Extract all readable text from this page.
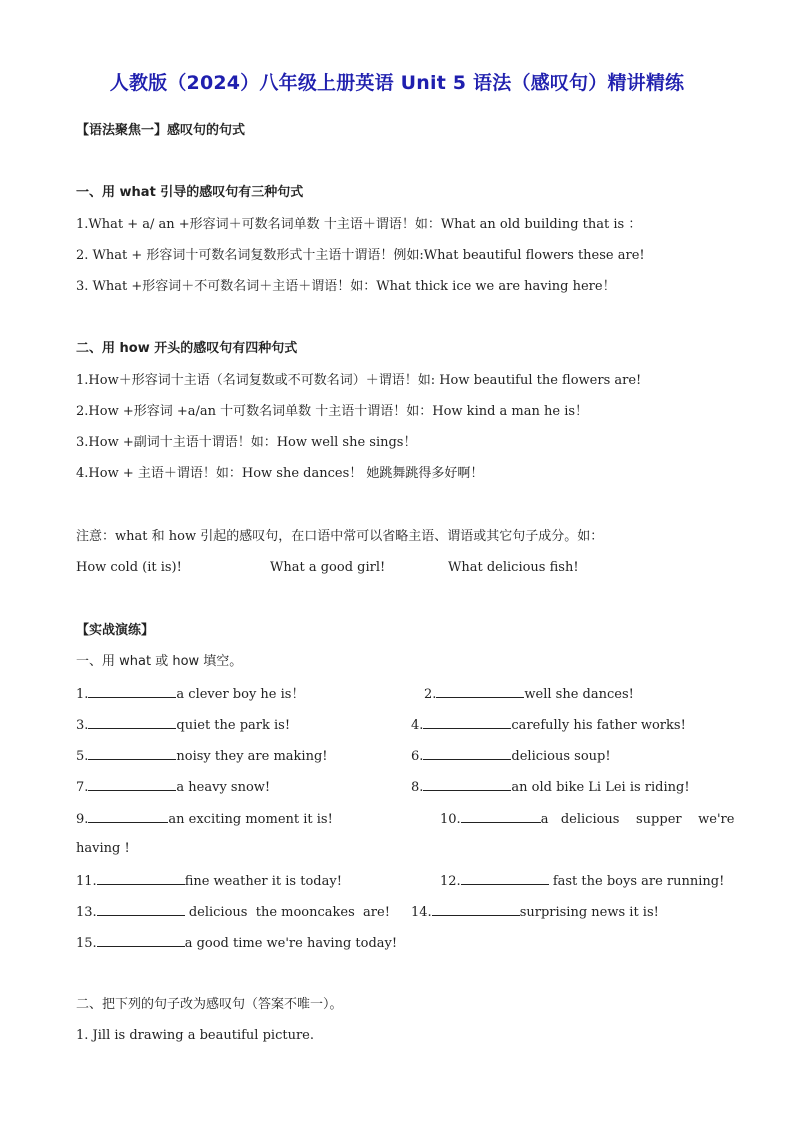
人教版（2024）八年级上册英语 Unit 5 语法（感叹句）精讲精练
【语法聚焦一】感叹句的句式
一、用 what 引导的感叹句有三种句式
1.What + a/ an +形容词＋可数名词单数 十主语＋谓语！如：What an old building that is ：
2. What + 形容词十可数名词复数形式十主语十谓语！例如:What beautiful flowers these are!
3. What +形容词＋不可数名词＋主语＋谓语！如：What thick ice we are having here！
二、用 how 开头的感叹句有四种句式
1.How＋形容词十主语（名词复数或不可数名词）＋谓语！如: How beautiful the flowers are!
2.How +形容词 +a/an 十可数名词单数 十主语十谓语！如：How kind a man he is！
3.How +副词十主语十谓语！如：How well she sings！
4.How + 主语＋谓语！如：How she dances！ 她跳舞跳得多好啊！
注意：what 和 how 引起的感叹句，在口语中常可以省略主语、谓语或其它句子成分。如：
How cold (it is)!	What a good girl!	What delicious fish!
【实战演练】
一、用 what 或 how 填空。
1.	a clever boy he is！	2.	well she dances!
3.	quiet the park is!	4.	carefully his father works!
5.	noisy they are making!	6.	delicious soup!
7.	a heavy snow!	8.	an old bike Li Lei is riding!
9.	an exciting moment it is!	10.	a   delicious    supper    we're
having !
11.	fine weather it is today!	12.	fast the boys are running!
13.	delicious  the mooncakes  are! 14.	surprising news it is!
15.	a good time we're having today!
二、把下列的句子改为感叹句（答案不唯一）。
1. Jill is drawing a beautiful picture.
